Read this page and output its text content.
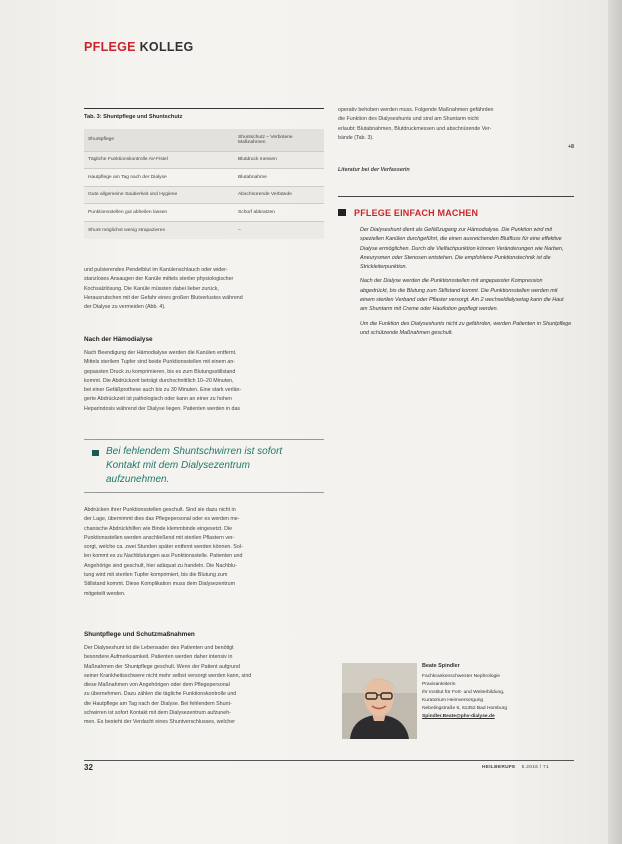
PFLEGE KOLLEG
Tab. 3: Shuntpflege und Shuntschutz
Shuntpflege	Shuntschutz – Verbotene Maßnahmen
Tägliche Funktionskontrolle AV-Fistel	Blutdruck messen
Hautpflege am Tag nach der Dialyse	Blutabnahme
Gute allgemeine Sauberkeit und Hygiene	Abschnürende Verbände
Punktionsstellen gut abheilen lassen	Schorf abkratzen
Shunt möglichst wenig strapazieren	–
und pulsierendes Pendelblut im Kanülenschlauch oder wider-
stanzloses Ansaugen der Kanüle mittels steriler physiologischer
Kochsalzlösung. Die Kanüle müssten dabei lieber zurück,
Herausrutschen mit der Gefahr eines großen Blutverlustes während
der Dialyse zu vermeiden (Abb. 4).
Nach der Hämodialyse
Nach Beendigung der Hämodialyse werden die Kanülen entfernt.
Mittels sterilem Tupfer sind beide Punktionsstellen mit einem an-
gepassten Druck zu komprimieren, bis es zum Blutungsstillstand
kommt. Die Abdrückzeit beträgt durchschnittlich 10–20 Minuten,
bei einer Gefäßprothese auch bis zu 30 Minuten. Eine stark verlän-
gerte Abdrückzeit ist pathologisch oder kann an einer zu hohen
Heparindosis während der Dialyse liegen. Patienten werden in das
Bei fehlendem Shuntschwirren ist sofort Kontakt mit dem Dialysezentrum aufzunehmen.
Abdrücken ihrer Punktionsstellen geschult. Sind sie dazu nicht in
der Lage, übernimmt dies das Pflegepersonal oder es werden me-
chanische Abdrückhilfen wie Binde klemmbinde eingesetzt. Die
Punktionsstellen werden anschließend mit sterilen Pflastern ver-
sorgt, welche ca. zwei Stunden später entfernt werden können. Sol-
len kommt es zu Nachblutungen aus Punktionsstelle. Patienten und
Angehörige sind geschult, hier adäquat zu handeln. Die Nachblu-
tung wird mit sterilen Tupfer komprimiert, bis die Blutung zum
Stillstand kommt. Diese Komplikation muss dem Dialysezentrum
mitgeteilt werden.
Shuntpflege und Schutzmaßnahmen
Der Dialyseshunt ist die Lebensader des Patienten und benötigt
besondere Aufmerksamkeit. Patienten werden daher intensiv in
Maßnahmen der Shuntpflege geschult. Wenn der Patient aufgrund
seiner Krankheitsschwere nicht mehr selbst versorgt werden kann, sind
diese Maßnahmen von Angehörigen oder dem Pflegepersonal
zu übernehmen. Dazu zählen die tägliche Funktionskontrolle und
die Hautpflege am Tag nach der Dialyse. Bei fehlendem Shunt-
schwirren ist sofort Kontakt mit dem Dialysezentrum aufzuneh-
men. Es besteht der Verdacht eines Shuntverschlusses, welcher
operativ behoben werden muss. Folgende Maßnahmen gefährden
die Funktion des Dialyseshunts und sind am Shuntarm nicht
erlaubt: Blutabnahmen, Blutdruckmessen und abschnürende Ver-
bände (Tab. 3).
+8
Literatur bei der Verfasserin
PFLEGE EINFACH MACHEN

Der Dialyseshunt dient als Gefäßzugang zur Hämodialyse. Die Punktion wird mit speziellen Kanülen durchgeführt, die einen ausreichenden Blutfluss für eine effektive Dialyse ermöglichen. Durch die Vielfachpunktion können Veränderungen wie Narben, Aneurysmen oder Stenosen entstehen. Die empfohlene Punktionstechnik ist die Strickleiterpunktion.

Nach der Dialyse werden die Punktionsstellen mit angepasster Kompression abgedrückt, bis die Blutung zum Stillstand kommt. Die Punktionsstellen werden mit einem sterilen Verband oder Pflaster versorgt. Am 2 wechseldialysetag kann die Haut am Shuntarm mit Creme oder Hautlotion gepflegt werden.

Um die Funktion des Dialyseshunts nicht zu gefährden, werden Patienten in Shuntpflege und schützende Maßnahmen geschult.

Beate Spindler
Fachkrankenschwester Nephrologie
Praxisanleiterin
Ihr Institut für Fort- und Weiterbildung,
Kuratorium Heimversorgung
Nebelingstraße 5, 61352 Bad Homburg
Spindler.Beate@phv-dialyse.de
32	HEILBERUFE 5.2016 / 71
